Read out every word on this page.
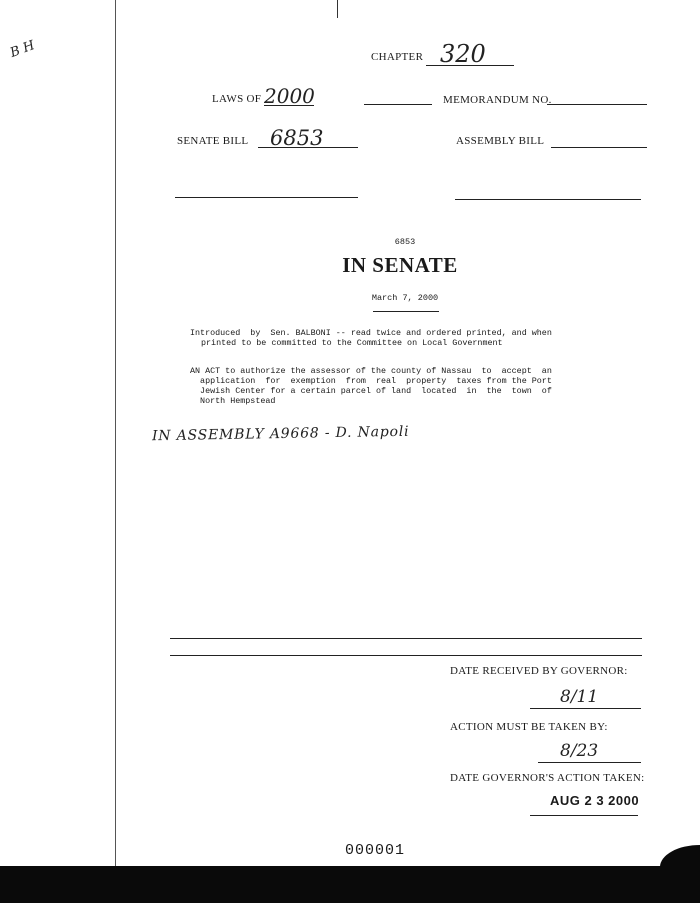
B H	CHAPTER 320
LAWS OF 2000	MEMORANDUM NO.
SENATE BILL 6853	ASSEMBLY BILL
6853
IN SENATE
March 7, 2000
Introduced  by  Sen. BALBONI -- read twice and ordered printed, and when
printed to be committed to the Committee on Local Government
AN ACT to authorize the assessor of the county of Nassau  to  accept  an
application  for  exemption  from  real  property  taxes from the Port
Jewish Center for a certain parcel of land  located  in  the  town  of
North Hempstead
IN ASSEMBLY A9668 - D. Napoli
DATE RECEIVED BY GOVERNOR:
8/11
ACTION MUST BE TAKEN BY:
8/23
DATE GOVERNOR'S ACTION TAKEN:
AUG 2 3 2000
000001
